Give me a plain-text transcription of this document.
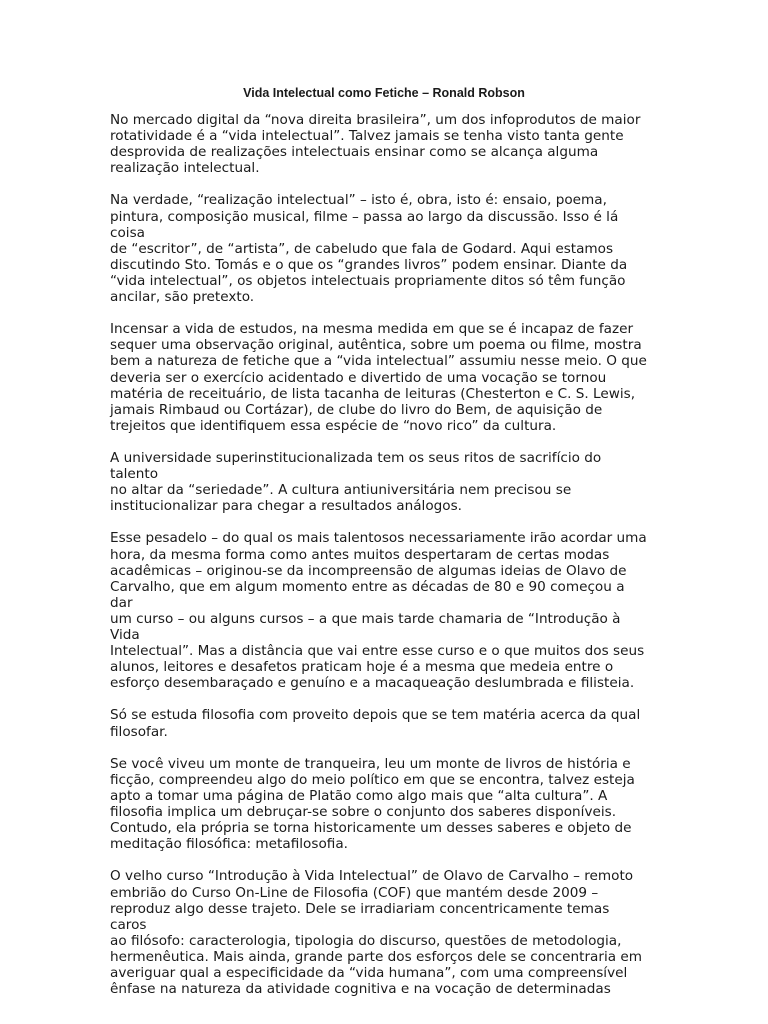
Vida Intelectual como Fetiche – Ronald Robson

No mercado digital da “nova direita brasileira”, um dos infoprodutos de maior
rotatividade é a “vida intelectual”. Talvez jamais se tenha visto tanta gente
desprovida de realizações intelectuais ensinar como se alcança alguma
realização intelectual.

Na verdade, “realização intelectual” – isto é, obra, isto é: ensaio, poema,
pintura, composição musical, filme – passa ao largo da discussão. Isso é lá coisa
de “escritor”, de “artista”, de cabeludo que fala de Godard. Aqui estamos
discutindo Sto. Tomás e o que os “grandes livros” podem ensinar. Diante da
“vida intelectual”, os objetos intelectuais propriamente ditos só têm função
ancilar, são pretexto.

Incensar a vida de estudos, na mesma medida em que se é incapaz de fazer
sequer uma observação original, autêntica, sobre um poema ou filme, mostra
bem a natureza de fetiche que a “vida intelectual” assumiu nesse meio. O que
deveria ser o exercício acidentado e divertido de uma vocação se tornou
matéria de receituário, de lista tacanha de leituras (Chesterton e C. S. Lewis,
jamais Rimbaud ou Cortázar), de clube do livro do Bem, de aquisição de
trejeitos que identifiquem essa espécie de “novo rico” da cultura.

A universidade superinstitucionalizada tem os seus ritos de sacrifício do talento
no altar da “seriedade”. A cultura antiuniversitária nem precisou se
institucionalizar para chegar a resultados análogos.

Esse pesadelo – do qual os mais talentosos necessariamente irão acordar uma
hora, da mesma forma como antes muitos despertaram de certas modas
acadêmicas – originou-se da incompreensão de algumas ideias de Olavo de
Carvalho, que em algum momento entre as décadas de 80 e 90 começou a dar
um curso – ou alguns cursos – a que mais tarde chamaria de “Introdução à Vida
Intelectual”. Mas a distância que vai entre esse curso e o que muitos dos seus
alunos, leitores e desafetos praticam hoje é a mesma que medeia entre o
esforço desembaraçado e genuíno e a macaqueação deslumbrada e filisteia.

Só se estuda filosofia com proveito depois que se tem matéria acerca da qual
filosofar.

Se você viveu um monte de tranqueira, leu um monte de livros de história e
ficção, compreendeu algo do meio político em que se encontra, talvez esteja
apto a tomar uma página de Platão como algo mais que “alta cultura”. A
filosofia implica um debruçar-se sobre o conjunto dos saberes disponíveis.
Contudo, ela própria se torna historicamente um desses saberes e objeto de
meditação filosófica: metafilosofia.

O velho curso “Introdução à Vida Intelectual” de Olavo de Carvalho – remoto
embrião do Curso On-Line de Filosofia (COF) que mantém desde 2009 –
reproduz algo desse trajeto. Dele se irradiariam concentricamente temas caros
ao filósofo: caracterologia, tipologia do discurso, questões de metodologia,
hermenêutica. Mais ainda, grande parte dos esforços dele se concentraria em
averiguar qual a especificidade da “vida humana”, com uma compreensível
ênfase na natureza da atividade cognitiva e na vocação de determinadas
